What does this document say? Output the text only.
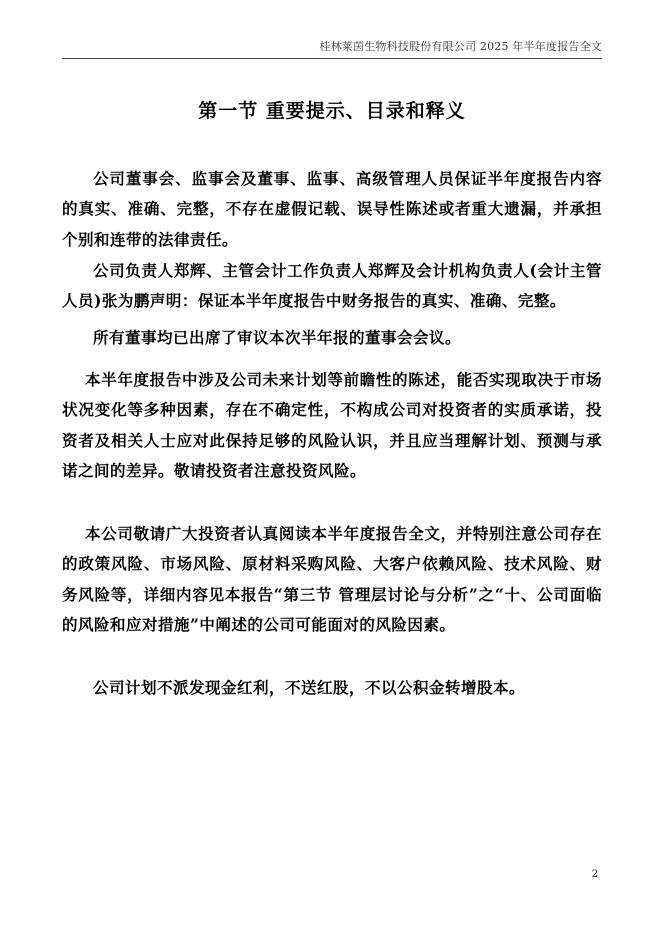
桂林莱茵生物科技股份有限公司 2025 年半年度报告全文
第一节 重要提示、目录和释义

公司董事会、监事会及董事、监事、高级管理人员保证半年度报告内容的真实、准确、完整，不存在虚假记载、误导性陈述或者重大遗漏，并承担个别和连带的法律责任。

公司负责人郑辉、主管会计工作负责人郑辉及会计机构负责人(会计主管人员)张为鹏声明：保证本半年度报告中财务报告的真实、准确、完整。

所有董事均已出席了审议本次半年报的董事会会议。

本半年度报告中涉及公司未来计划等前瞻性的陈述，能否实现取决于市场状况变化等多种因素，存在不确定性，不构成公司对投资者的实质承诺，投资者及相关人士应对此保持足够的风险认识，并且应当理解计划、预测与承诺之间的差异。敬请投资者注意投资风险。

本公司敬请广大投资者认真阅读本半年度报告全文，并特别注意公司存在的政策风险、市场风险、原材料采购风险、大客户依赖风险、技术风险、财务风险等，详细内容见本报告“第三节 管理层讨论与分析”之“十、公司面临的风险和应对措施”中阐述的公司可能面对的风险因素。

公司计划不派发现金红利，不送红股，不以公积金转增股本。

2
